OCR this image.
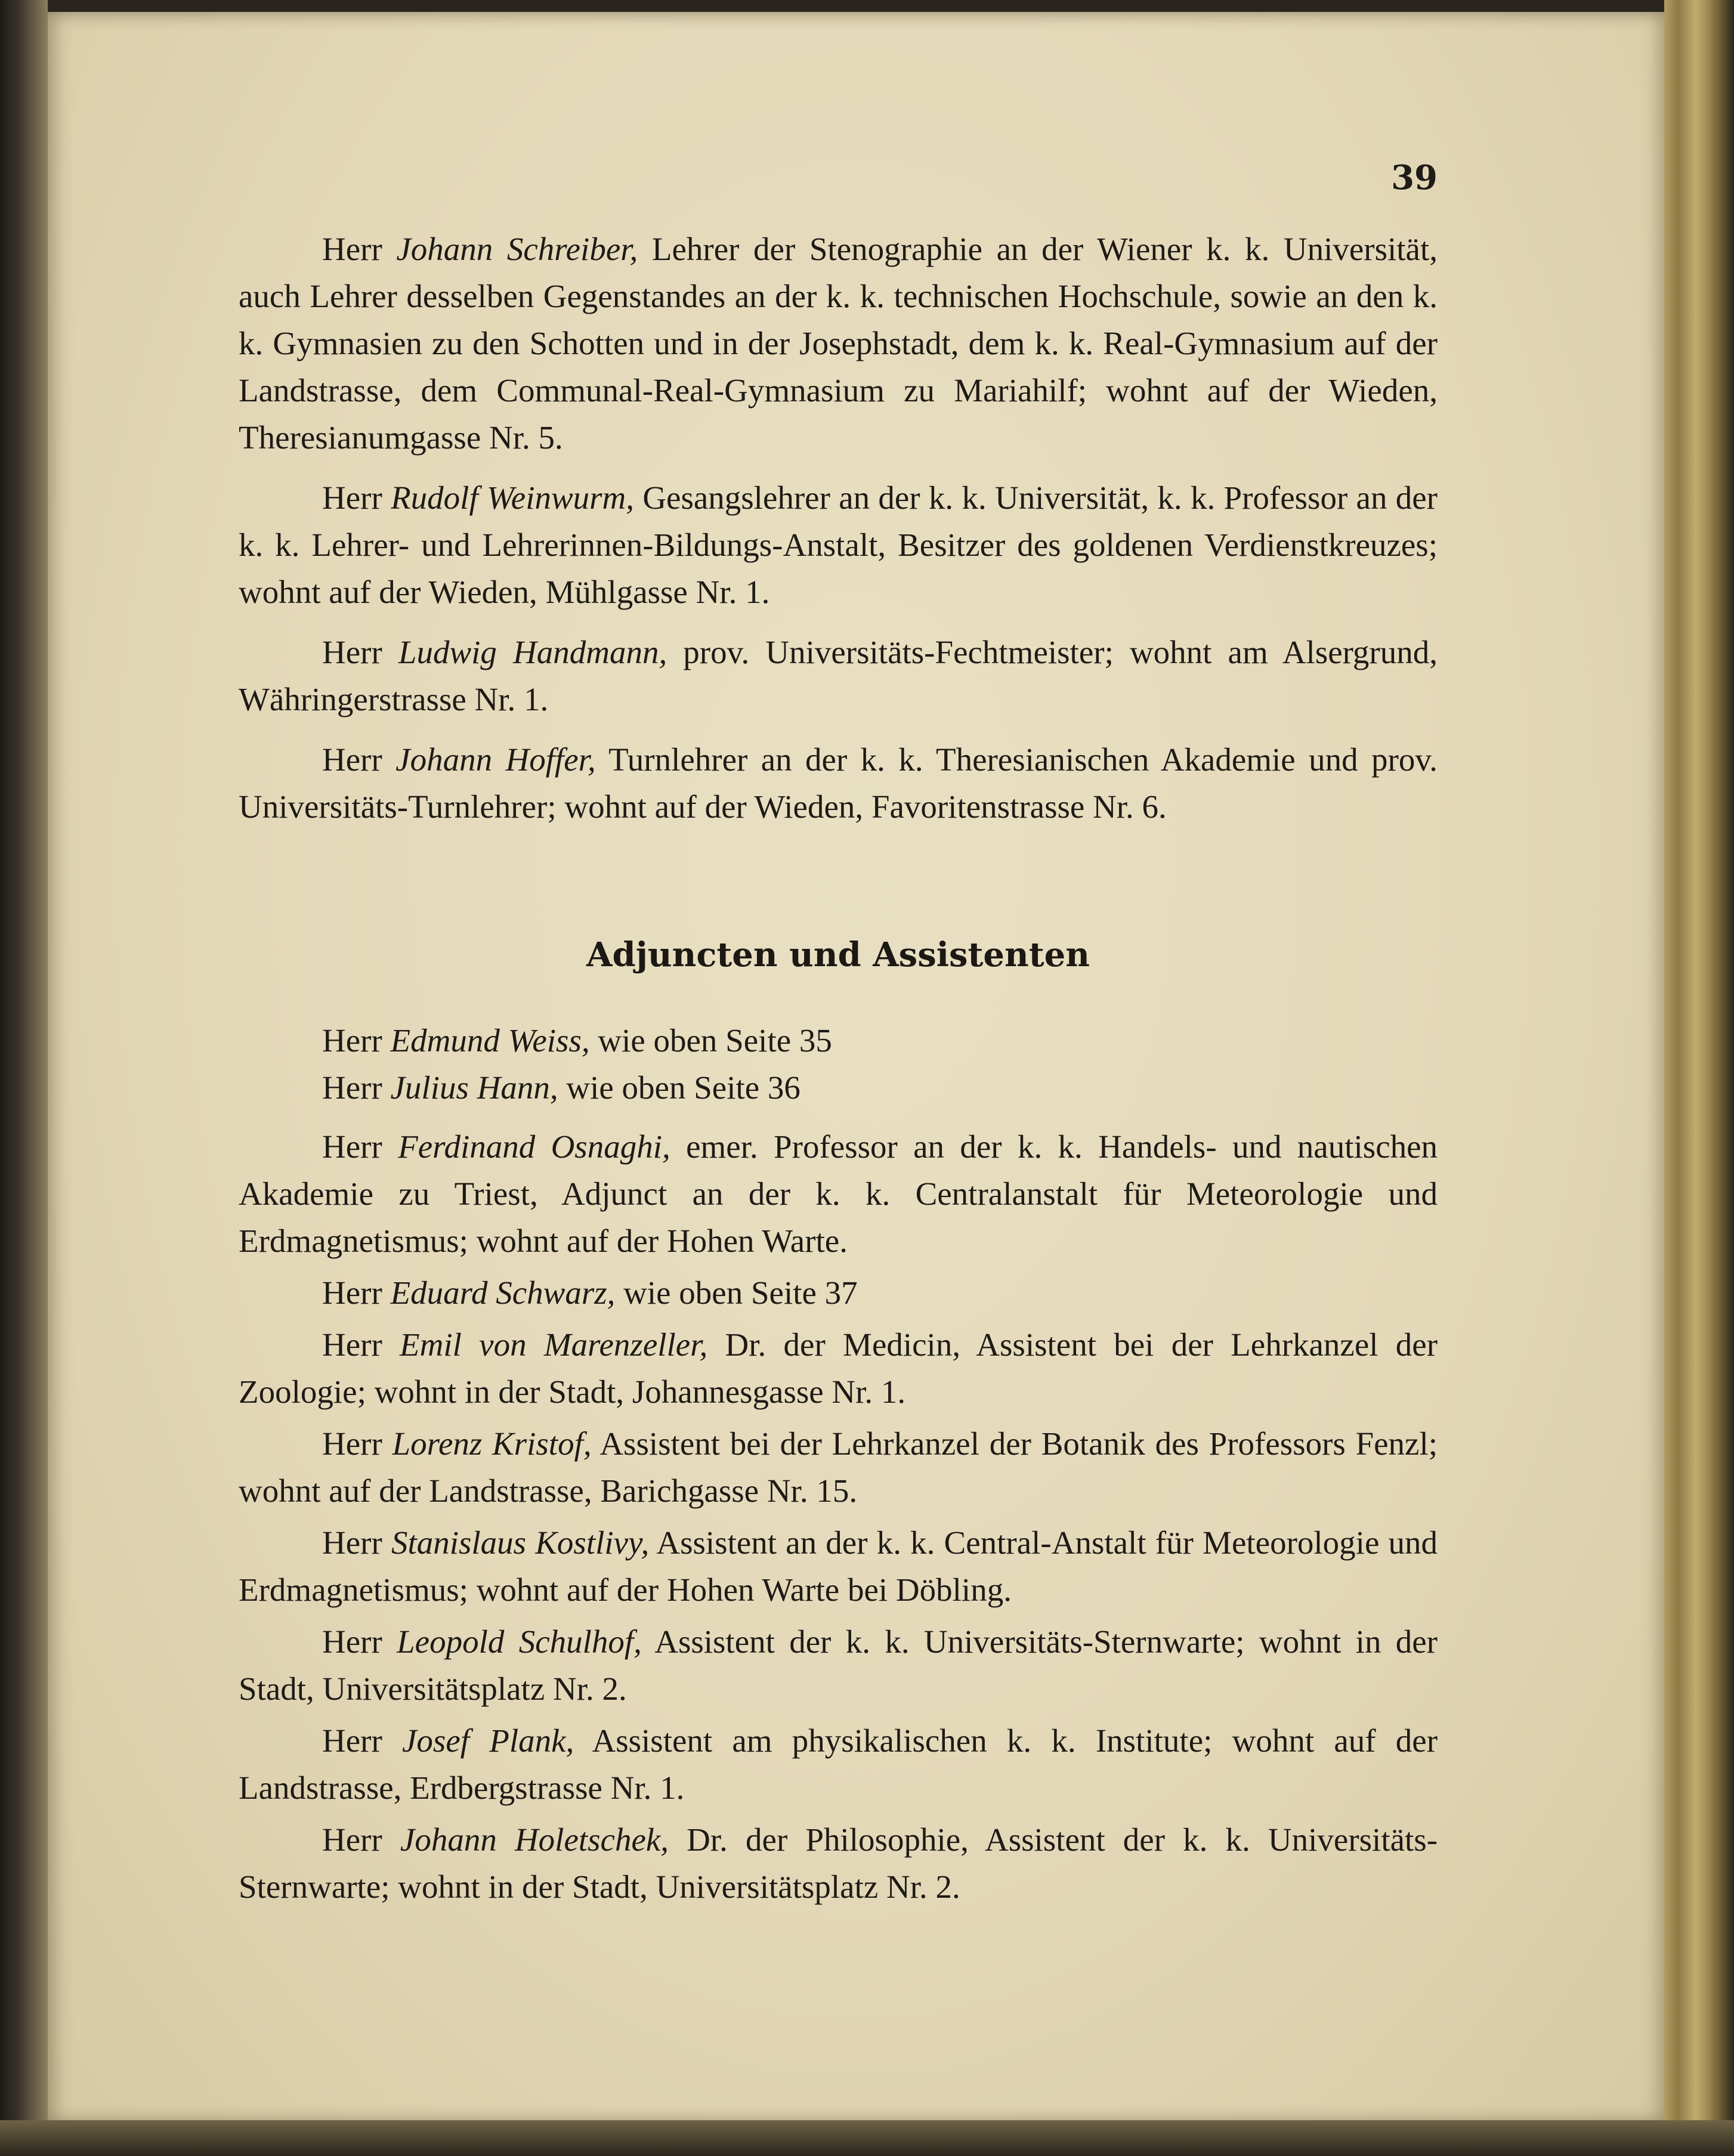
39
Herr Johann Schreiber, Lehrer der Stenographie an der Wiener k. k. Universität, auch Lehrer desselben Gegenstandes an der k. k. technischen Hochschule, sowie an den k. k. Gymnasien zu den Schotten und in der Josephstadt, dem k. k. Real-Gymnasium auf der Landstrasse, dem Communal-Real-Gymnasium zu Mariahilf; wohnt auf der Wieden, Theresianumgasse Nr. 5.
Herr Rudolf Weinwurm, Gesangslehrer an der k. k. Universität, k. k. Professor an der k. k. Lehrer- und Lehrerinnen-Bildungs-Anstalt, Besitzer des goldenen Verdienstkreuzes; wohnt auf der Wieden, Mühlgasse Nr. 1.
Herr Ludwig Handmann, prov. Universitäts-Fechtmeister; wohnt am Alsergrund, Währingerstrasse Nr. 1.
Herr Johann Hoffer, Turnlehrer an der k. k. Theresianischen Akademie und prov. Universitäts-Turnlehrer; wohnt auf der Wieden, Favoritenstrasse Nr. 6.
Adjuncten und Assistenten
Herr Edmund Weiss, wie oben Seite 35
Herr Julius Hann, wie oben Seite 36
Herr Ferdinand Osnaghi, emer. Professor an der k. k. Handels- und nautischen Akademie zu Triest, Adjunct an der k. k. Centralanstalt für Meteorologie und Erdmagnetismus; wohnt auf der Hohen Warte.
Herr Eduard Schwarz, wie oben Seite 37
Herr Emil von Marenzeller, Dr. der Medicin, Assistent bei der Lehrkanzel der Zoologie; wohnt in der Stadt, Johannesgasse Nr. 1.
Herr Lorenz Kristof, Assistent bei der Lehrkanzel der Botanik des Professors Fenzl; wohnt auf der Landstrasse, Barichgasse Nr. 15.
Herr Stanislaus Kostlivy, Assistent an der k. k. Central-Anstalt für Meteorologie und Erdmagnetismus; wohnt auf der Hohen Warte bei Döbling.
Herr Leopold Schulhof, Assistent der k. k. Universitäts-Sternwarte; wohnt in der Stadt, Universitätsplatz Nr. 2.
Herr Josef Plank, Assistent am physikalischen k. k. Institute; wohnt auf der Landstrasse, Erdbergstrasse Nr. 1.
Herr Johann Holetschek, Dr. der Philosophie, Assistent der k. k. Universitäts-Sternwarte; wohnt in der Stadt, Universitätsplatz Nr. 2.
